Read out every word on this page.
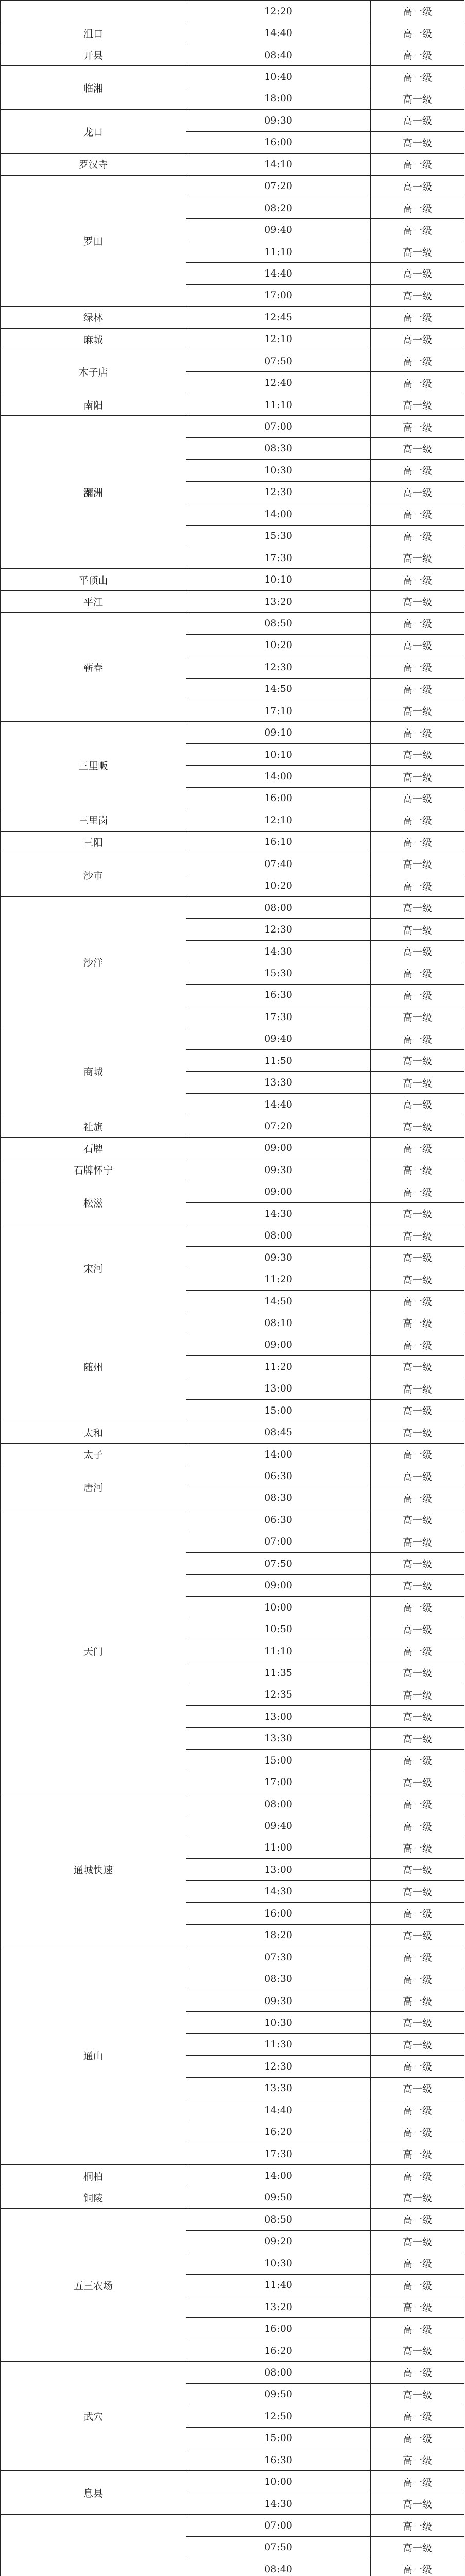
	12:20	高一级
沮口	14:40	高一级
开县	08:40	高一级
临湘	10:40	高一级
	18:00	高一级
龙口	09:30	高一级
	16:00	高一级
罗汉寺	14:10	高一级
罗田	07:20	高一级
	08:20	高一级
	09:40	高一级
	11:10	高一级
	14:40	高一级
	17:00	高一级
绿林	12:45	高一级
麻城	12:10	高一级
木子店	07:50	高一级
	12:40	高一级
南阳	11:10	高一级
瀰洲	07:00	高一级
	08:30	高一级
	10:30	高一级
	12:30	高一级
	14:00	高一级
	15:30	高一级
	17:30	高一级
平顶山	10:10	高一级
平江	13:20	高一级
蕲春	08:50	高一级
	10:20	高一级
	12:30	高一级
	14:50	高一级
	17:10	高一级
三里畈	09:10	高一级
	10:10	高一级
	14:00	高一级
	16:00	高一级
三里岗	12:10	高一级
三阳	16:10	高一级
沙市	07:40	高一级
	10:20	高一级
沙洋	08:00	高一级
	12:30	高一级
	14:30	高一级
	15:30	高一级
	16:30	高一级
	17:30	高一级
商城	09:40	高一级
	11:50	高一级
	13:30	高一级
	14:40	高一级
社旗	07:20	高一级
石牌	09:00	高一级
石牌怀宁	09:30	高一级
松滋	09:00	高一级
	14:30	高一级
宋河	08:00	高一级
	09:30	高一级
	11:20	高一级
	14:50	高一级
随州	08:10	高一级
	09:00	高一级
	11:20	高一级
	13:00	高一级
	15:00	高一级
太和	08:45	高一级
太子	14:00	高一级
唐河	06:30	高一级
	08:30	高一级
天门	06:30	高一级
	07:00	高一级
	07:50	高一级
	09:00	高一级
	10:00	高一级
	10:50	高一级
	11:10	高一级
	11:35	高一级
	12:35	高一级
	13:00	高一级
	13:30	高一级
	15:00	高一级
	17:00	高一级
通城快速	08:00	高一级
	09:40	高一级
	11:00	高一级
	13:00	高一级
	14:30	高一级
	16:00	高一级
	18:20	高一级
通山	07:30	高一级
	08:30	高一级
	09:30	高一级
	10:30	高一级
	11:30	高一级
	12:30	高一级
	13:30	高一级
	14:40	高一级
	16:20	高一级
	17:30	高一级
桐柏	14:00	高一级
铜陵	09:50	高一级
五三农场	08:50	高一级
	09:20	高一级
	10:30	高一级
	11:40	高一级
	13:20	高一级
	16:00	高一级
	16:20	高一级
武穴	08:00	高一级
	09:50	高一级
	12:50	高一级
	15:00	高一级
	16:30	高一级
息县	10:00	高一级
	14:30	高一级
	07:00	高一级
	07:50	高一级
	08:40	高一级
